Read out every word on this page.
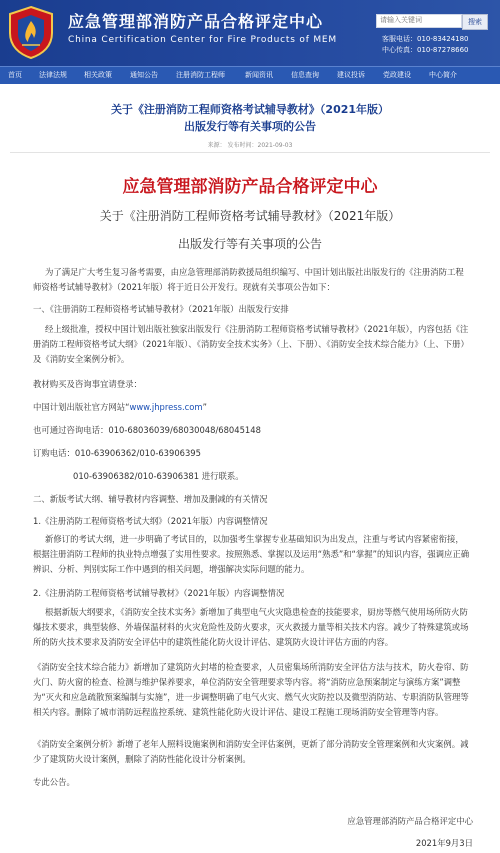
应急管理部消防产品合格评定中心
China Certification Center for Fire Products of MEM
请输入关键词
搜索
客服电话：010-83424180
中心传真：010-87278660
首页 法律法规 相关政策	通知公告	注册消防工程师	新闻资讯	信息查询	建议投诉	党政建设	中心简介
关于《注册消防工程师资格考试辅导教材》（2021年版）
出版发行等有关事项的公告
来源： 发布时间：2021-09-03
应急管理部消防产品合格评定中心
关于《注册消防工程师资格考试辅导教材》（2021年版）
出版发行等有关事项的公告
为了满足广大考生复习备考需要，由应急管理部消防救援局组织编写、中国计划出版社出版发行的《注册消防工程师资格考试辅导教材》（2021年版）将于近日公开发行。现就有关事项公告如下：
一、《注册消防工程师资格考试辅导教材》（2021年版）出版发行安排
经上级批准，授权中国计划出版社独家出版发行《注册消防工程师资格考试辅导教材》（2021年版），内容包括《注册消防工程师资格考试大纲》（2021年版）、《消防安全技术实务》（上、下册）、《消防安全技术综合能力》（上、下册）及《消防安全案例分析》。
教材购买及咨询事宜请登录：
中国计划出版社官方网站“www.jhpress.com”
也可通过咨询电话：010-68036039/68030048/68045148
订购电话：010-63906362/010-63906395
010-63906382/010-63906381 进行联系。
二、新版考试大纲、辅导教材内容调整、增加及删减的有关情况
1.《注册消防工程师资格考试大纲》（2021年版）内容调整情况
新修订的考试大纲，进一步明确了考试目的，以加强考生掌握专业基础知识为出发点，注重与考试内容紧密衔接，根据注册消防工程师的执业特点增强了实用性要求。按照熟悉、掌握以及运用“熟悉”和“掌握”的知识内容，强调应正确辨识、分析、判别实际工作中遇到的相关问题，增强解决实际问题的能力。
2.《注册消防工程师资格考试辅导教材》（2021年版）内容调整情况
根据新版大纲要求，《消防安全技术实务》新增加了典型电气火灾隐患检查的技能要求，厨房等燃气使用场所防火防爆技术要求，典型装修、外墙保温材料的火灾危险性及防火要求，灭火救援力量等相关技术内容。减少了特殊建筑或场所的防火技术要求及消防安全评估中的建筑性能化防火设计评估、建筑防火设计评估方面的内容。
《消防安全技术综合能力》新增加了建筑防火封堵的检查要求，人员密集场所消防安全评估方法与技术，防火卷帘、防火门、防火窗的检查、检测与维护保养要求，单位消防安全管理要求等内容。将“消防应急预案制定与演练方案”调整为“灭火和应急疏散预案编制与实施”，进一步调整明确了电气火灾、燃气火灾防控以及微型消防站、专职消防队管理等相关内容。删除了城市消防远程监控系统、建筑性能化防火设计评估、建设工程施工现场消防安全管理等内容。
《消防安全案例分析》新增了老年人照料设施案例和消防安全评估案例，更新了部分消防安全管理案例和火灾案例。减少了建筑防火设计案例，删除了消防性能化设计分析案例。
专此公告。
应急管理部消防产品合格评定中心
2021年9月3日
